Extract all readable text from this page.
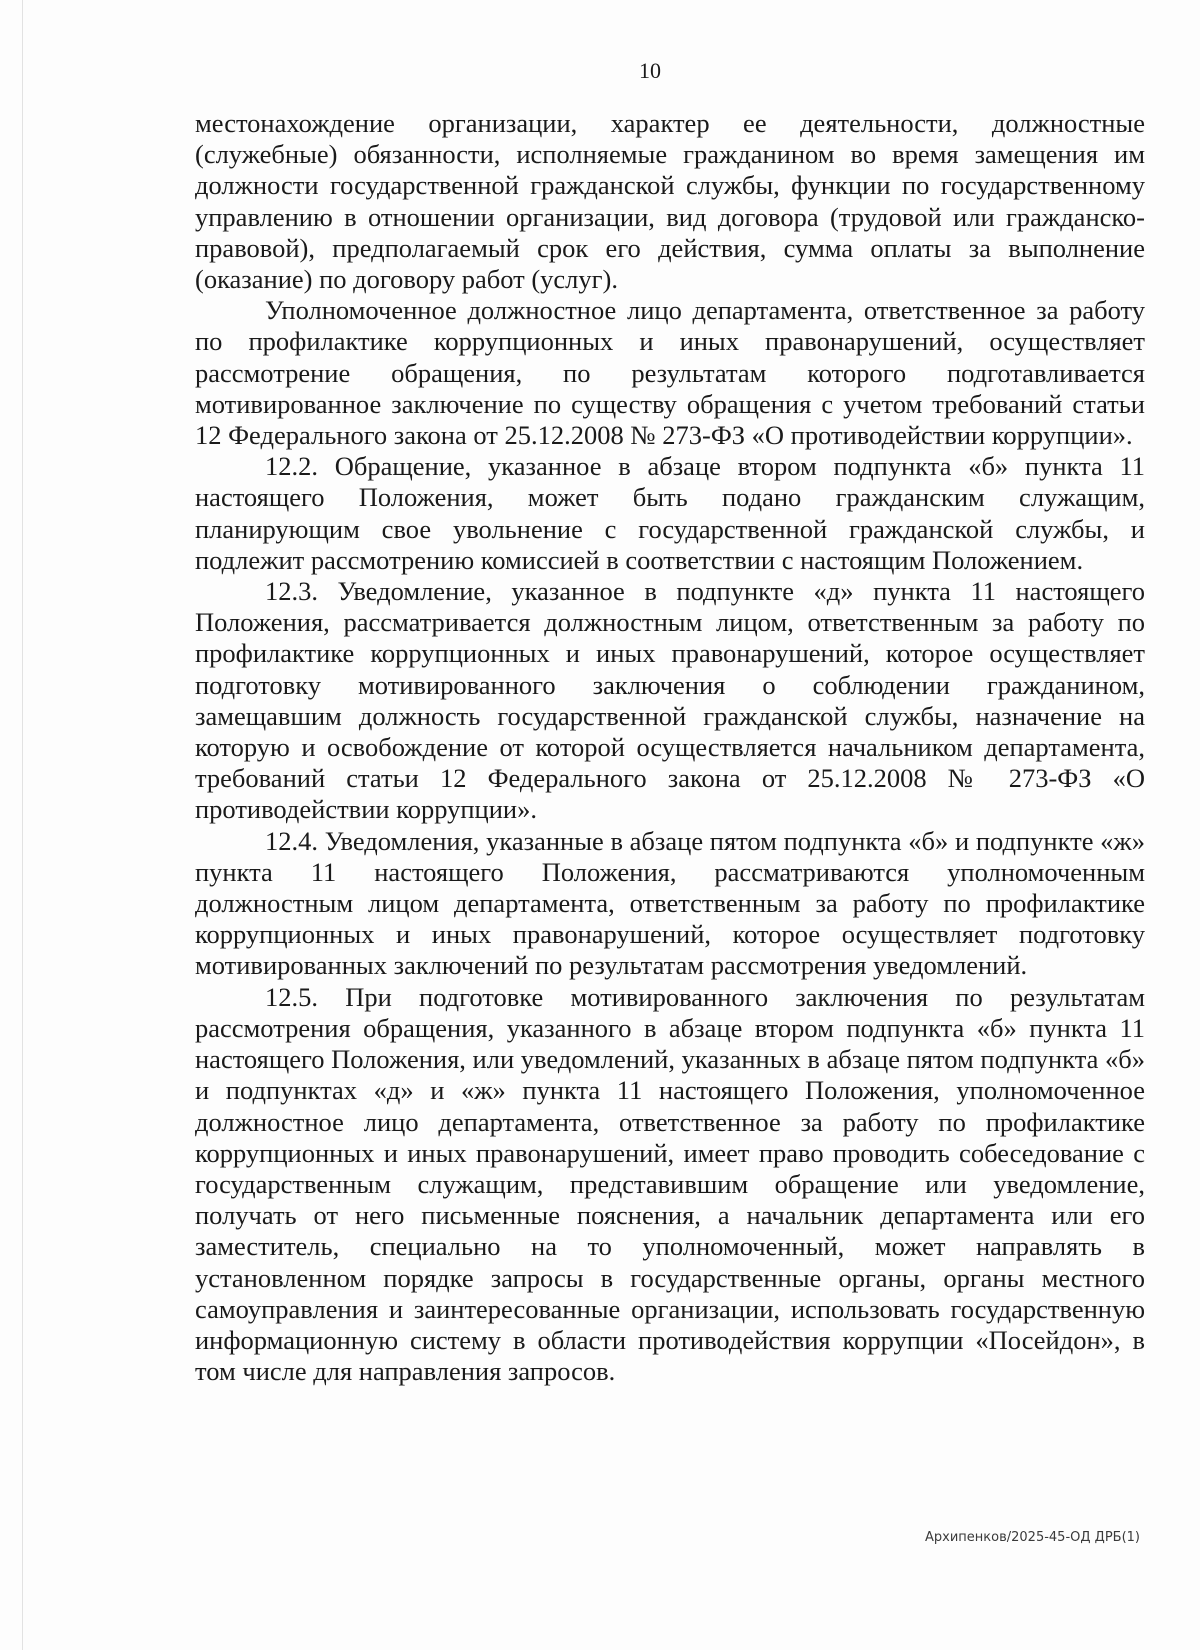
10

местонахождение организации, характер ее деятельности, должностные (служебные) обязанности, исполняемые гражданином во время замещения им должности государственной гражданской службы, функции по государственному управлению в отношении организации, вид договора (трудовой или гражданско-правовой), предполагаемый срок его действия, сумма оплаты за выполнение (оказание) по договору работ (услуг).

Уполномоченное должностное лицо департамента, ответственное за работу по профилактике коррупционных и иных правонарушений, осуществляет рассмотрение обращения, по результатам которого подготавливается мотивированное заключение по существу обращения с учетом требований статьи 12 Федерального закона от 25.12.2008 № 273-ФЗ «О противодействии коррупции».

12.2. Обращение, указанное в абзаце втором подпункта «б» пункта 11 настоящего Положения, может быть подано гражданским служащим, планирующим свое увольнение с государственной гражданской службы, и подлежит рассмотрению комиссией в соответствии с настоящим Положением.

12.3. Уведомление, указанное в подпункте «д» пункта 11 настоящего Положения, рассматривается должностным лицом, ответственным за работу по профилактике коррупционных и иных правонарушений, которое осуществляет подготовку мотивированного заключения о соблюдении гражданином, замещавшим должность государственной гражданской службы, назначение на которую и освобождение от которой осуществляется начальником департамента, требований статьи 12 Федерального закона от 25.12.2008 № 273-ФЗ «О противодействии коррупции».

12.4. Уведомления, указанные в абзаце пятом подпункта «б» и подпункте «ж» пункта 11 настоящего Положения, рассматриваются уполномоченным должностным лицом департамента, ответственным за работу по профилактике коррупционных и иных правонарушений, которое осуществляет подготовку мотивированных заключений по результатам рассмотрения уведомлений.

12.5. При подготовке мотивированного заключения по результатам рассмотрения обращения, указанного в абзаце втором подпункта «б» пункта 11 настоящего Положения, или уведомлений, указанных в абзаце пятом подпункта «б» и подпунктах «д» и «ж» пункта 11 настоящего Положения, уполномоченное должностное лицо департамента, ответственное за работу по профилактике коррупционных и иных правонарушений, имеет право проводить собеседование с государственным служащим, представившим обращение или уведомление, получать от него письменные пояснения, а начальник департамента или его заместитель, специально на то уполномоченный, может направлять в установленном порядке запросы в государственные органы, органы местного самоуправления и заинтересованные организации, использовать государственную информационную систему в области противодействия коррупции «Посейдон», в том числе для направления запросов.

Архипенков/2025-45-ОД ДРБ(1)
